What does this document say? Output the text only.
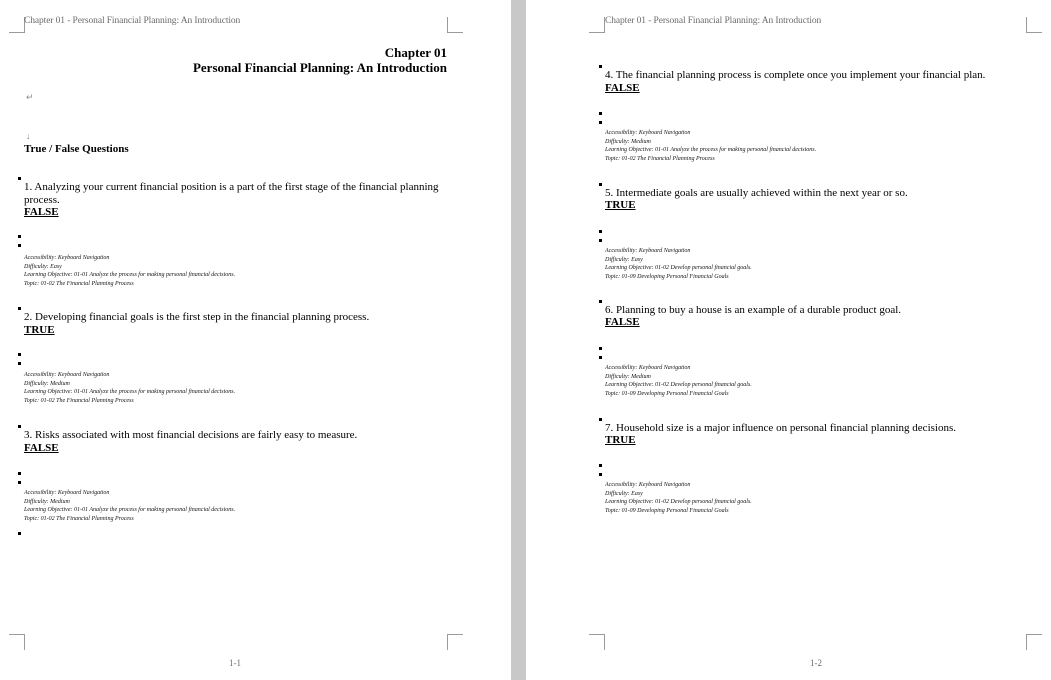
Chapter 01 - Personal Financial Planning: An Introduction
Chapter 01
Personal Financial Planning: An Introduction
↵
↓
True / False Questions
1. Analyzing your current financial position is a part of the first stage of the financial planning process.
FALSE
Accessibility: Keyboard Navigation
Difficulty: Easy
Learning Objective: 01-01 Analyze the process for making personal financial decisions.
Topic: 01-02 The Financial Planning Process
2. Developing financial goals is the first step in the financial planning process.
TRUE
Accessibility: Keyboard Navigation
Difficulty: Medium
Learning Objective: 01-01 Analyze the process for making personal financial decisions.
Topic: 01-02 The Financial Planning Process
3. Risks associated with most financial decisions are fairly easy to measure.
FALSE
Accessibility: Keyboard Navigation
Difficulty: Medium
Learning Objective: 01-01 Analyze the process for making personal financial decisions.
Topic: 01-02 The Financial Planning Process
1-1
Chapter 01 - Personal Financial Planning: An Introduction
4. The financial planning process is complete once you implement your financial plan.
FALSE
Accessibility: Keyboard Navigation
Difficulty: Medium
Learning Objective: 01-01 Analyze the process for making personal financial decisions.
Topic: 01-02 The Financial Planning Process
5. Intermediate goals are usually achieved within the next year or so.
TRUE
Accessibility: Keyboard Navigation
Difficulty: Easy
Learning Objective: 01-02 Develop personal financial goals.
Topic: 01-09 Developing Personal Financial Goals
6. Planning to buy a house is an example of a durable product goal.
FALSE
Accessibility: Keyboard Navigation
Difficulty: Medium
Learning Objective: 01-02 Develop personal financial goals.
Topic: 01-09 Developing Personal Financial Goals
7. Household size is a major influence on personal financial planning decisions.
TRUE
Accessibility: Keyboard Navigation
Difficulty: Easy
Learning Objective: 01-02 Develop personal financial goals.
Topic: 01-09 Developing Personal Financial Goals
1-2
